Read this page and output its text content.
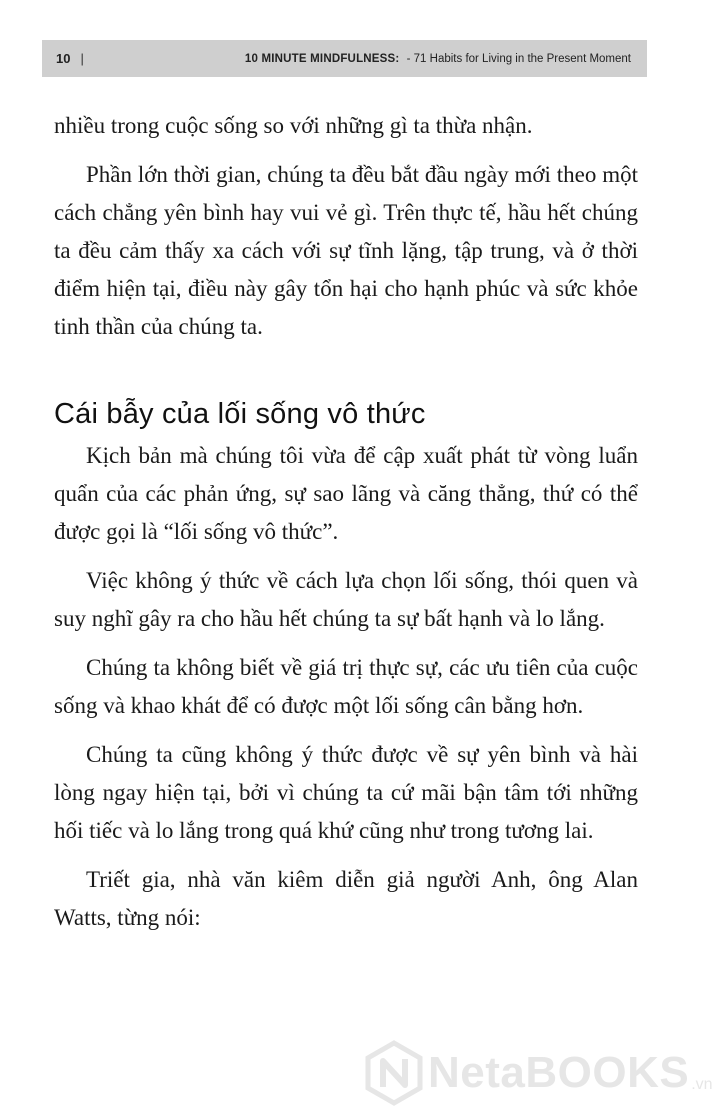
10 |	10 MINUTE MINDFULNESS: - 71 Habits for Living in the Present Moment

nhiều trong cuộc sống so với những gì ta thừa nhận.

Phần lớn thời gian, chúng ta đều bắt đầu ngày mới theo một cách chẳng yên bình hay vui vẻ gì. Trên thực tế, hầu hết chúng ta đều cảm thấy xa cách với sự tĩnh lặng, tập trung, và ở thời điểm hiện tại, điều này gây tổn hại cho hạnh phúc và sức khỏe tinh thần của chúng ta.

Cái bẫy của lối sống vô thức

Kịch bản mà chúng tôi vừa để cập xuất phát từ vòng luẩn quẩn của các phản ứng, sự sao lãng và căng thẳng, thứ có thể được gọi là “lối sống vô thức”.

Việc không ý thức về cách lựa chọn lối sống, thói quen và suy nghĩ gây ra cho hầu hết chúng ta sự bất hạnh và lo lắng.

Chúng ta không biết về giá trị thực sự, các ưu tiên của cuộc sống và khao khát để có được một lối sống cân bằng hơn.

Chúng ta cũng không ý thức được về sự yên bình và hài lòng ngay hiện tại, bởi vì chúng ta cứ mãi bận tâm tới những hối tiếc và lo lắng trong quá khứ cũng như trong tương lai.

Triết gia, nhà văn kiêm diễn giả người Anh, ông Alan Watts, từng nói:

NetaBOOKS .vn
